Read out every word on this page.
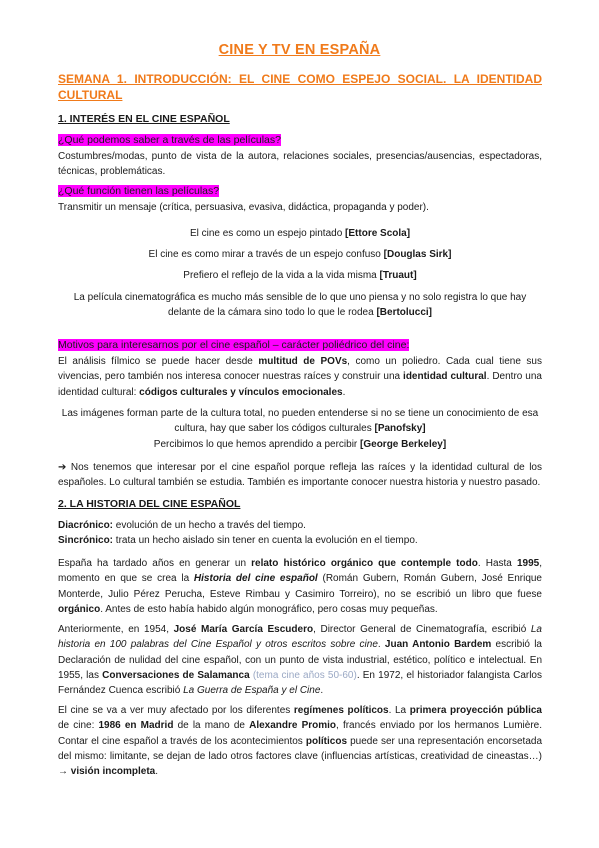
CINE Y TV EN ESPAÑA
SEMANA 1. INTRODUCCIÓN: EL CINE COMO ESPEJO SOCIAL. LA IDENTIDAD CULTURAL
1. INTERÉS EN EL CINE ESPAÑOL
¿Qué podemos saber a través de las películas?
Costumbres/modas, punto de vista de la autora, relaciones sociales, presencias/ausencias, espectadoras, técnicas, problemáticas.
¿Qué función tienen las películas?
Transmitir un mensaje (crítica, persuasiva, evasiva, didáctica, propaganda y poder).
El cine es como un espejo pintado [Ettore Scola]
El cine es como mirar a través de un espejo confuso [Douglas Sirk]
Prefiero el reflejo de la vida a la vida misma [Truaut]
La película cinematográfica es mucho más sensible de lo que uno piensa y no solo registra lo que hay delante de la cámara sino todo lo que le rodea [Bertolucci]
Motivos para interesarnos por el cine español – carácter poliédrico del cine:
El análisis fílmico se puede hacer desde multitud de POVs, como un poliedro. Cada cual tiene sus vivencias, pero también nos interesa conocer nuestras raíces y construir una identidad cultural. Dentro una identidad cultural: códigos culturales y vínculos emocionales.
Las imágenes forman parte de la cultura total, no pueden entenderse si no se tiene un conocimiento de esa cultura, hay que saber los códigos culturales [Panofsky]
Percibimos lo que hemos aprendido a percibir [George Berkeley]
➔ Nos tenemos que interesar por el cine español porque refleja las raíces y la identidad cultural de los españoles. Lo cultural también se estudia. También es importante conocer nuestra historia y nuestro pasado.
2. LA HISTORIA DEL CINE ESPAÑOL
Diacrónico: evolución de un hecho a través del tiempo.
Sincrónico: trata un hecho aislado sin tener en cuenta la evolución en el tiempo.
España ha tardado años en generar un relato histórico orgánico que contemple todo. Hasta 1995, momento en que se crea la Historia del cine español (Román Gubern, Román Gubern, José Enrique Monterde, Julio Pérez Perucha, Esteve Rimbau y Casimiro Torreiro), no se escribió un libro que fuese orgánico. Antes de esto había habido algún monográfico, pero cosas muy pequeñas.
Anteriormente, en 1954, José María García Escudero, Director General de Cinematografía, escribió La historia en 100 palabras del Cine Español y otros escritos sobre cine. Juan Antonio Bardem escribió la Declaración de nulidad del cine español, con un punto de vista industrial, estético, político e intelectual. En 1955, las Conversaciones de Salamanca (tema cine años 50-60). En 1972, el historiador falangista Carlos Fernández Cuenca escribió La Guerra de España y el Cine.
El cine se va a ver muy afectado por los diferentes regímenes políticos. La primera proyección pública de cine: 1986 en Madrid de la mano de Alexandre Promio, francés enviado por los hermanos Lumière. Contar el cine español a través de los acontecimientos políticos puede ser una representación encorsetada del mismo: limitante, se dejan de lado otros factores clave (influencias artísticas, creatividad de cineastas…) → visión incompleta.
